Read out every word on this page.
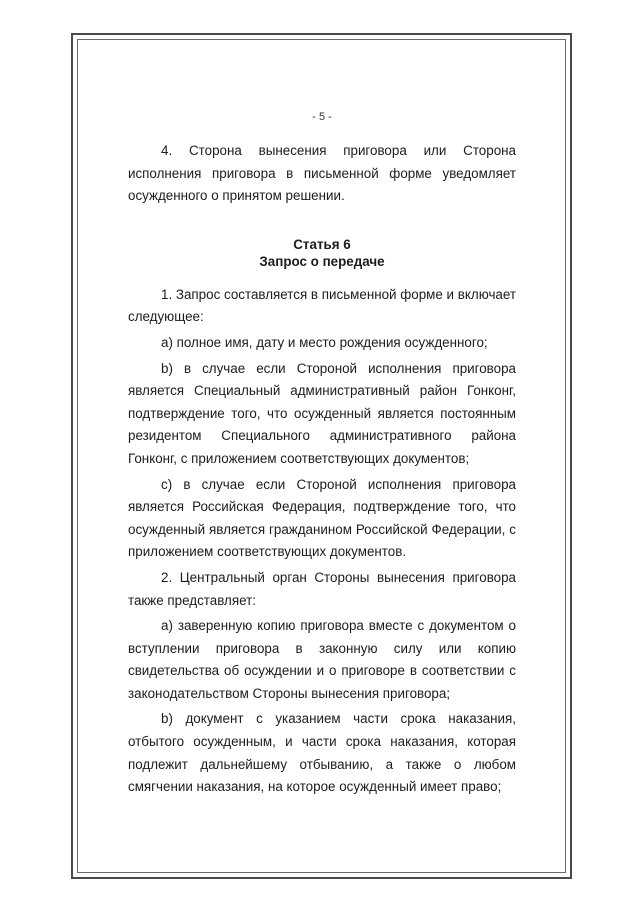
- 5 -

4. Сторона вынесения приговора или Сторона исполнения приговора в письменной форме уведомляет осужденного о принятом решении.

Статья 6
Запрос о передаче

1. Запрос составляется в письменной форме и включает следующее:

a) полное имя, дату и место рождения осужденного;

b) в случае если Стороной исполнения приговора является Специальный административный район Гонконг, подтверждение того, что осужденный является постоянным резидентом Специального административного района Гонконг, с приложением соответствующих документов;

c) в случае если Стороной исполнения приговора является Российская Федерация, подтверждение того, что осужденный является гражданином Российской Федерации, с приложением соответствующих документов.

2. Центральный орган Стороны вынесения приговора также представляет:

a) заверенную копию приговора вместе с документом о вступлении приговора в законную силу или копию свидетельства об осуждении и о приговоре в соответствии с законодательством Стороны вынесения приговора;

b) документ с указанием части срока наказания, отбытого осужденным, и части срока наказания, которая подлежит дальнейшему отбыванию, а также о любом смягчении наказания, на которое осужденный имеет право;
